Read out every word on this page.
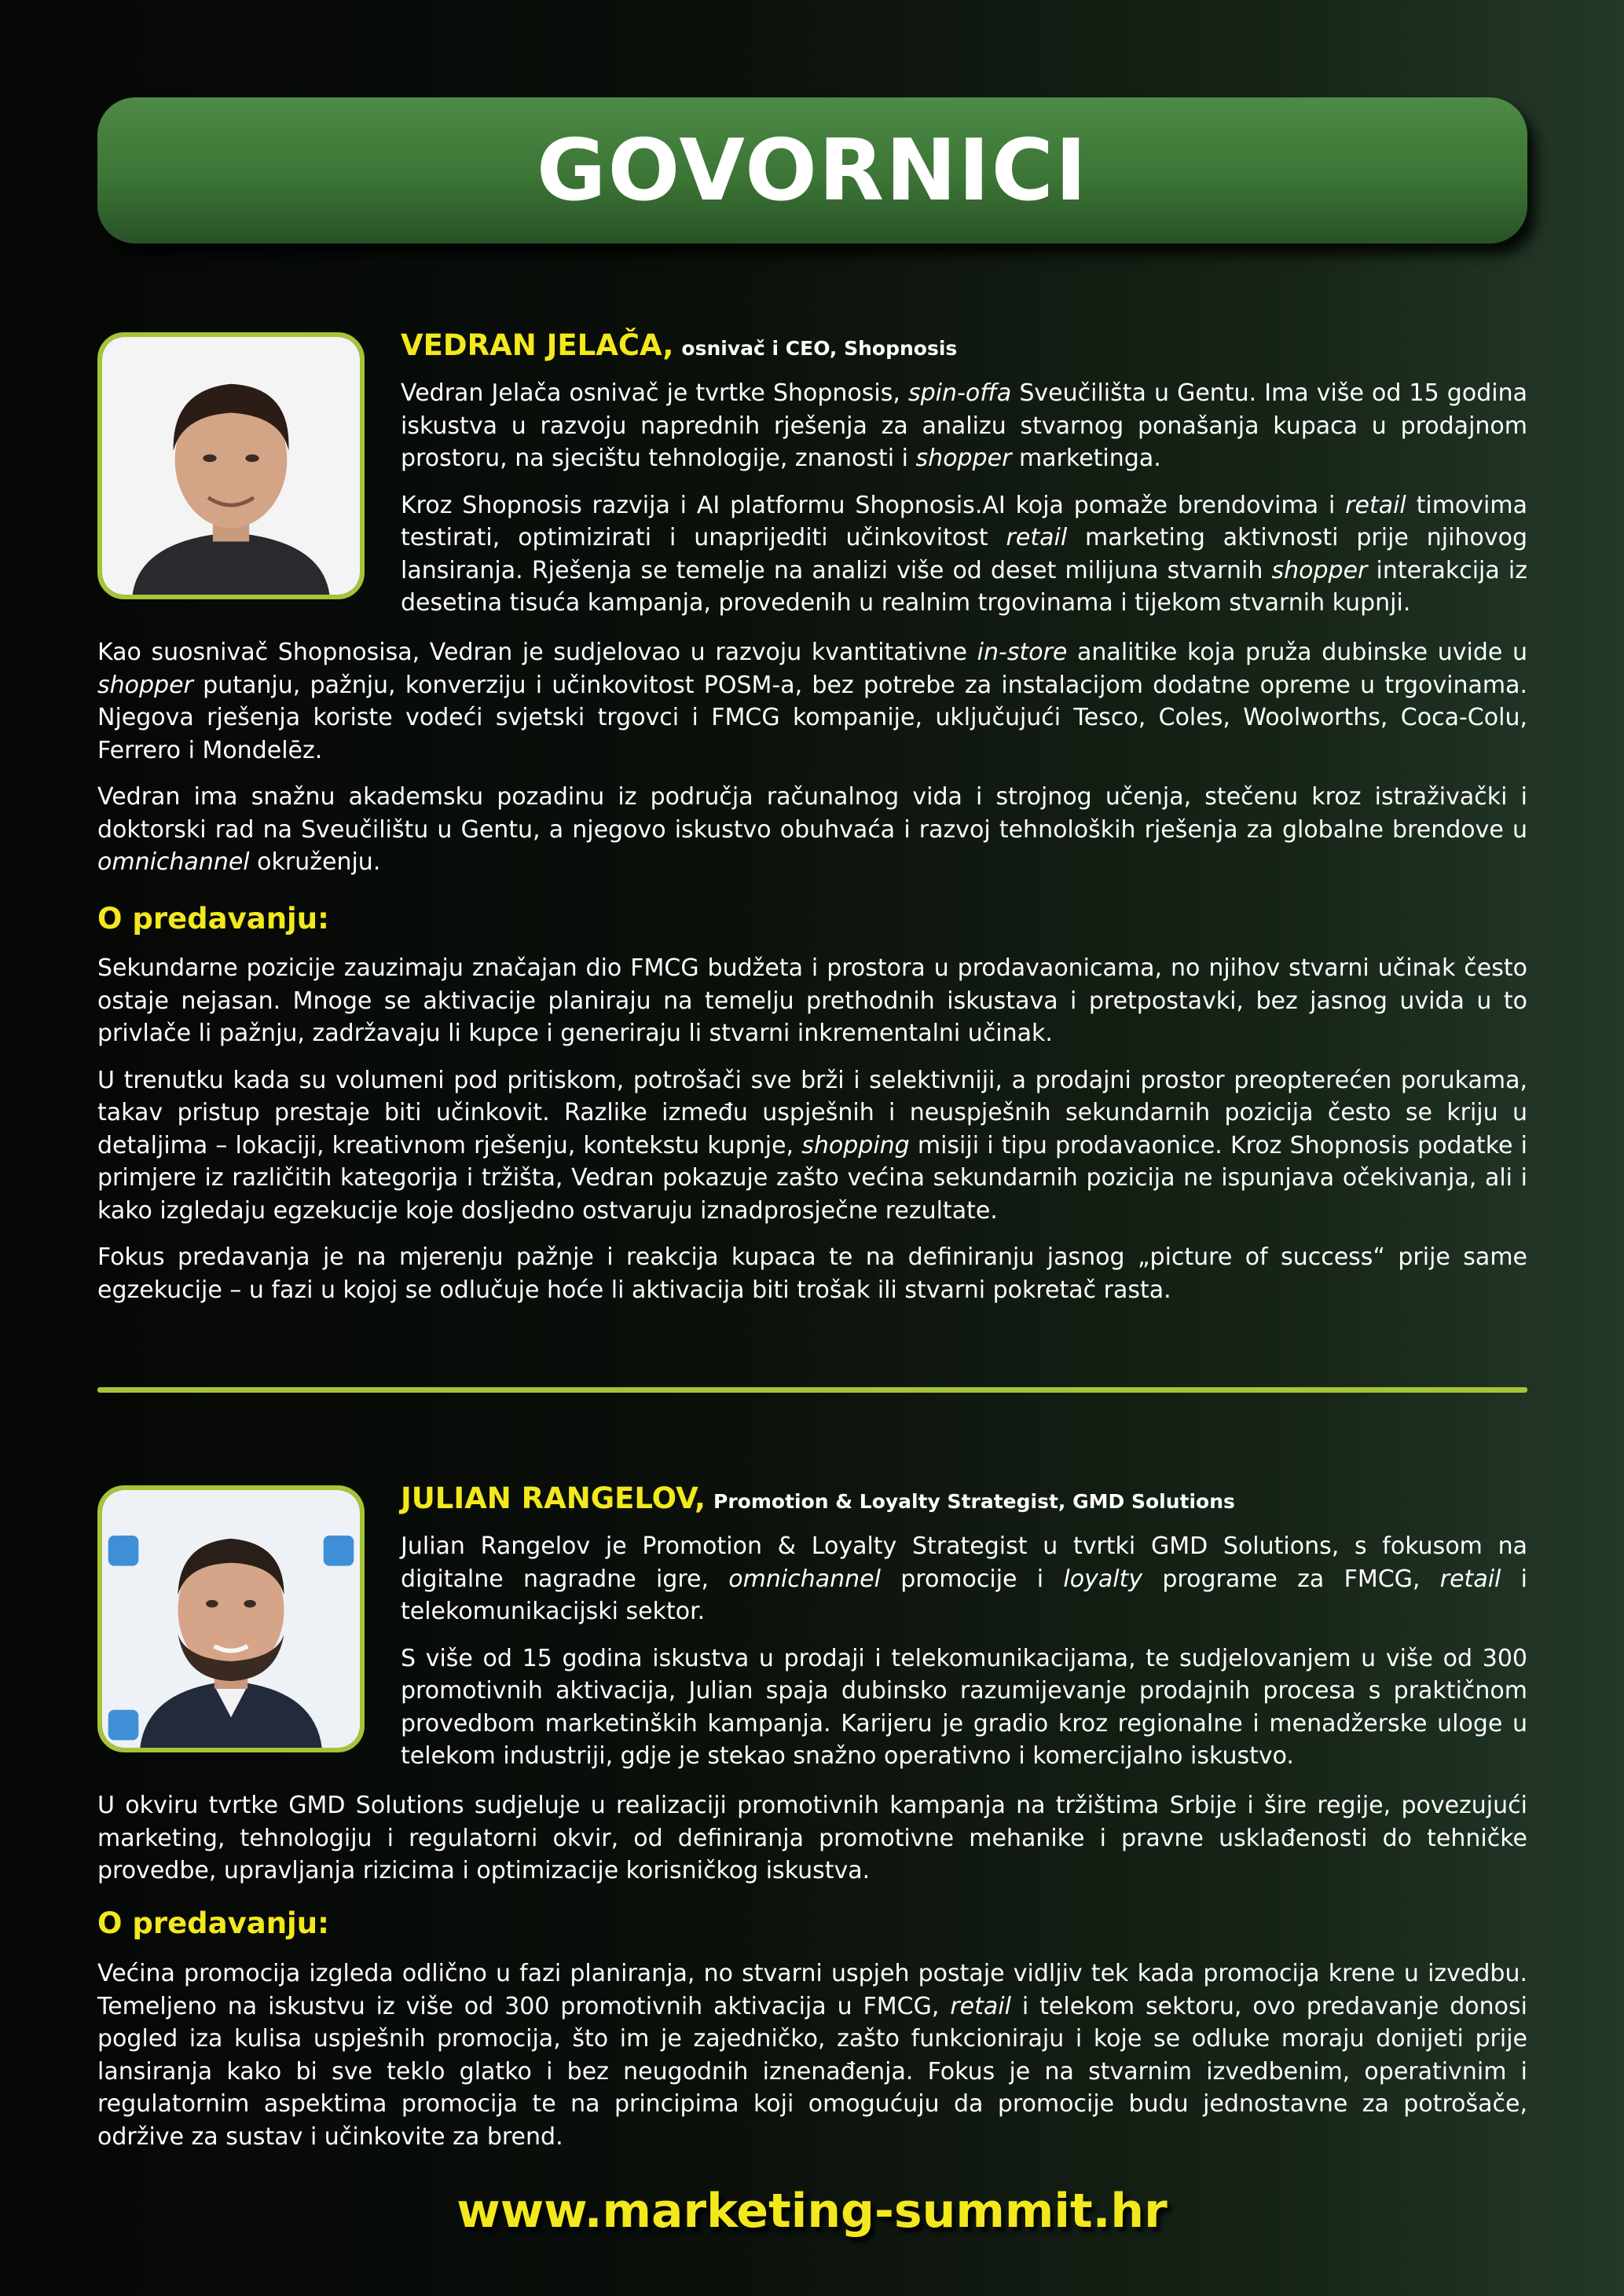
GOVORNICI
VEDRAN JELAČA, osnivač i CEO, Shopnosis

Vedran Jelača osnivač je tvrtke Shopnosis, spin-offa Sveučilišta u Gentu. Ima više od 15 godina iskustva u razvoju naprednih rješenja za analizu stvarnog ponašanja kupaca u prodajnom prostoru, na sjecištu tehnologije, znanosti i shopper marketinga.

Kroz Shopnosis razvija i AI platformu Shopnosis.AI koja pomaže brendovima i retail timovima testirati, optimizirati i unaprijediti učinkovitost retail marketing aktivnosti prije njihovog lansiranja. Rješenja se temelje na analizi više od deset milijuna stvarnih shopper interakcija iz desetina tisuća kampanja, provedenih u realnim trgovinama i tijekom stvarnih kupnji.

Kao suosnivač Shopnosisa, Vedran je sudjelovao u razvoju kvantitativne in-store analitike koja pruža dubinske uvide u shopper putanju, pažnju, konverziju i učinkovitost POSM-a, bez potrebe za instalacijom dodatne opreme u trgovinama. Njegova rješenja koriste vodeći svjetski trgovci i FMCG kompanije, uključujući Tesco, Coles, Woolworths, Coca-Colu, Ferrero i Mondelēz.

Vedran ima snažnu akademsku pozadinu iz područja računalnog vida i strojnog učenja, stečenu kroz istraživački i doktorski rad na Sveučilištu u Gentu, a njegovo iskustvo obuhvaća i razvoj tehnoloških rješenja za globalne brendove u omnichannel okruženju.

O predavanju:

Sekundarne pozicije zauzimaju značajan dio FMCG budžeta i prostora u prodavaonicama, no njihov stvarni učinak često ostaje nejasan. Mnoge se aktivacije planiraju na temelju prethodnih iskustava i pretpostavki, bez jasnog uvida u to privlače li pažnju, zadržavaju li kupce i generiraju li stvarni inkrementalni učinak.

U trenutku kada su volumeni pod pritiskom, potrošači sve brži i selektivniji, a prodajni prostor preopterećen porukama, takav pristup prestaje biti učinkovit. Razlike između uspješnih i neuspješnih sekundarnih pozicija često se kriju u detaljima – lokaciji, kreativnom rješenju, kontekstu kupnje, shopping misiji i tipu prodavaonice. Kroz Shopnosis podatke i primjere iz različitih kategorija i tržišta, Vedran pokazuje zašto većina sekundarnih pozicija ne ispunjava očekivanja, ali i kako izgledaju egzekucije koje dosljedno ostvaruju iznadprosječne rezultate.

Fokus predavanja je na mjerenju pažnje i reakcija kupaca te na definiranju jasnog „picture of success“ prije same egzekucije – u fazi u kojoj se odlučuje hoće li aktivacija biti trošak ili stvarni pokretač rasta.

JULIAN RANGELOV, Promotion & Loyalty Strategist, GMD Solutions

Julian Rangelov je Promotion & Loyalty Strategist u tvrtki GMD Solutions, s fokusom na digitalne nagradne igre, omnichannel promocije i loyalty programe za FMCG, retail i telekomunikacijski sektor.

S više od 15 godina iskustva u prodaji i telekomunikacijama, te sudjelovanjem u više od 300 promotivnih aktivacija, Julian spaja dubinsko razumijevanje prodajnih procesa s praktičnom provedbom marketinških kampanja. Karijeru je gradio kroz regionalne i menadžerske uloge u telekom industriji, gdje je stekao snažno operativno i komercijalno iskustvo.

U okviru tvrtke GMD Solutions sudjeluje u realizaciji promotivnih kampanja na tržištima Srbije i šire regije, povezujući marketing, tehnologiju i regulatorni okvir, od definiranja promotivne mehanike i pravne usklađenosti do tehničke provedbe, upravljanja rizicima i optimizacije korisničkog iskustva.

O predavanju:

Većina promocija izgleda odlično u fazi planiranja, no stvarni uspjeh postaje vidljiv tek kada promocija krene u izvedbu. Temeljeno na iskustvu iz više od 300 promotivnih aktivacija u FMCG, retail i telekom sektoru, ovo predavanje donosi pogled iza kulisa uspješnih promocija, što im je zajedničko, zašto funkcioniraju i koje se odluke moraju donijeti prije lansiranja kako bi sve teklo glatko i bez neugodnih iznenađenja. Fokus je na stvarnim izvedbenim, operativnim i regulatornim aspektima promocija te na principima koji omogućuju da promocije budu jednostavne za potrošače, održive za sustav i učinkovite za brend.

www.marketing-summit.hr
